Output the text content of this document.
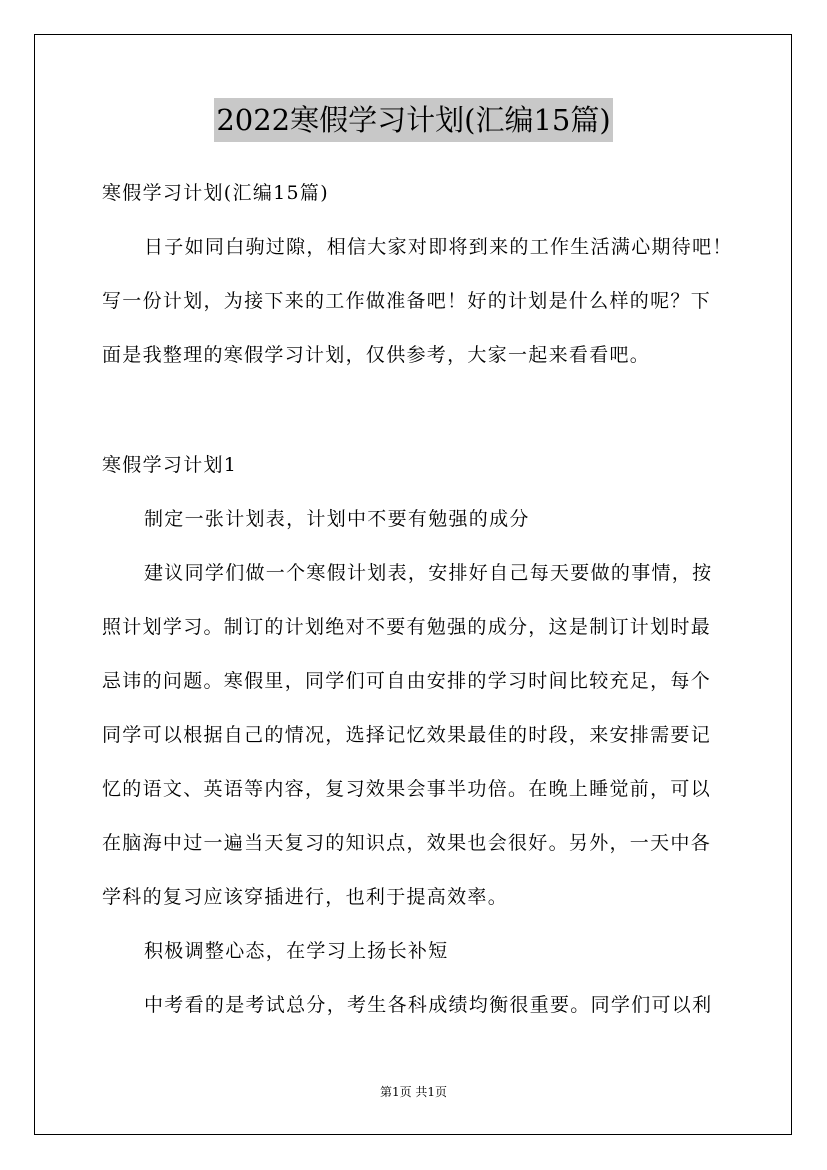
2022寒假学习计划(汇编15篇)
寒假学习计划(汇编15篇)
日子如同白驹过隙，相信大家对即将到来的工作生活满心期待吧！
写一份计划，为接下来的工作做准备吧！好的计划是什么样的呢？下
面是我整理的寒假学习计划，仅供参考，大家一起来看看吧。
寒假学习计划1
制定一张计划表，计划中不要有勉强的成分
建议同学们做一个寒假计划表，安排好自己每天要做的事情，按
照计划学习。制订的计划绝对不要有勉强的成分，这是制订计划时最
忌讳的问题。寒假里，同学们可自由安排的学习时间比较充足，每个
同学可以根据自己的情况，选择记忆效果最佳的时段，来安排需要记
忆的语文、英语等内容，复习效果会事半功倍。在晚上睡觉前，可以
在脑海中过一遍当天复习的知识点，效果也会很好。另外，一天中各
学科的复习应该穿插进行，也利于提高效率。
积极调整心态，在学习上扬长补短
中考看的是考试总分，考生各科成绩均衡很重要。同学们可以利
第1页 共1页
